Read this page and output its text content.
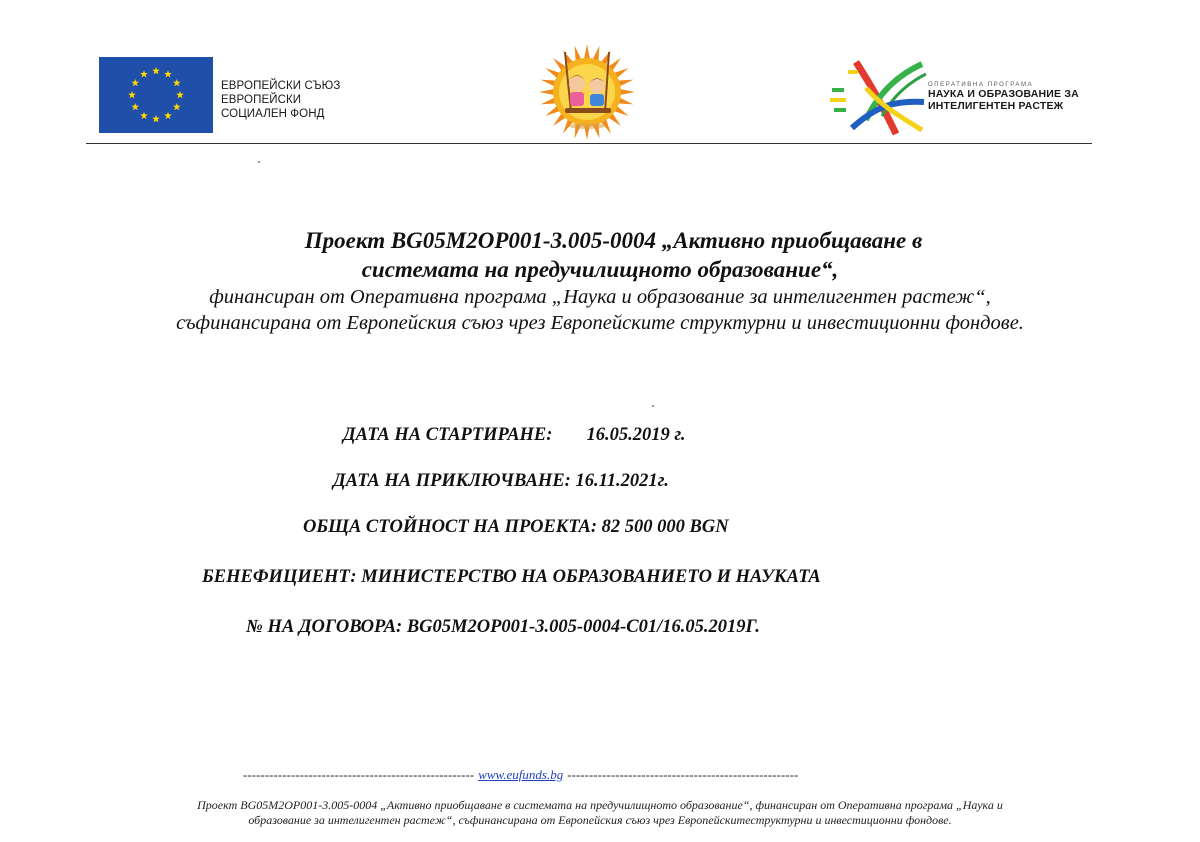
ЕВРОПЕЙСКИ СЪЮЗ
ЕВРОПЕЙСКИ
СОЦИАЛЕН ФОНД
ОПЕРАТИВНА ПРОГРАМА
НАУКА И ОБРАЗОВАНИЕ ЗА
ИНТЕЛИГЕНТЕН РАСТЕЖ
Проект BG05M2OP001-3.005-0004 „Активно приобщаване в
системата на предучилищното образование“,
финансиран от Оперативна програма „Наука и образование за интелигентен растеж“,
съфинансирана от Европейския съюз чрез Европейските структурни и инвестиционни фондове.
ДАТА НА СТАРТИРАНЕ: 16.05.2019 г.
ДАТА НА ПРИКЛЮЧВАНЕ: 16.11.2021г.
ОБЩА СТОЙНОСТ НА ПРОЕКТА: 82 500 000 BGN
БЕНЕФИЦИЕНТ: МИНИСТЕРСТВО НА ОБРАЗОВАНИЕТО И НАУКАТА
№ НА ДОГОВОРА: BG05M2OP001-3.005-0004-C01/16.05.2019Г.
----------------------------------------------------- www.eufunds.bg -----------------------------------------------------
Проект BG05M2OP001-3.005-0004 „Активно приобщаване в системата на предучилищното образование“, финансиран от Оперативна програма „Наука и
образование за интелигентен растеж“, съфинансирана от Европейския съюз чрез Европейскитеструктурни и инвестиционни фондове.
